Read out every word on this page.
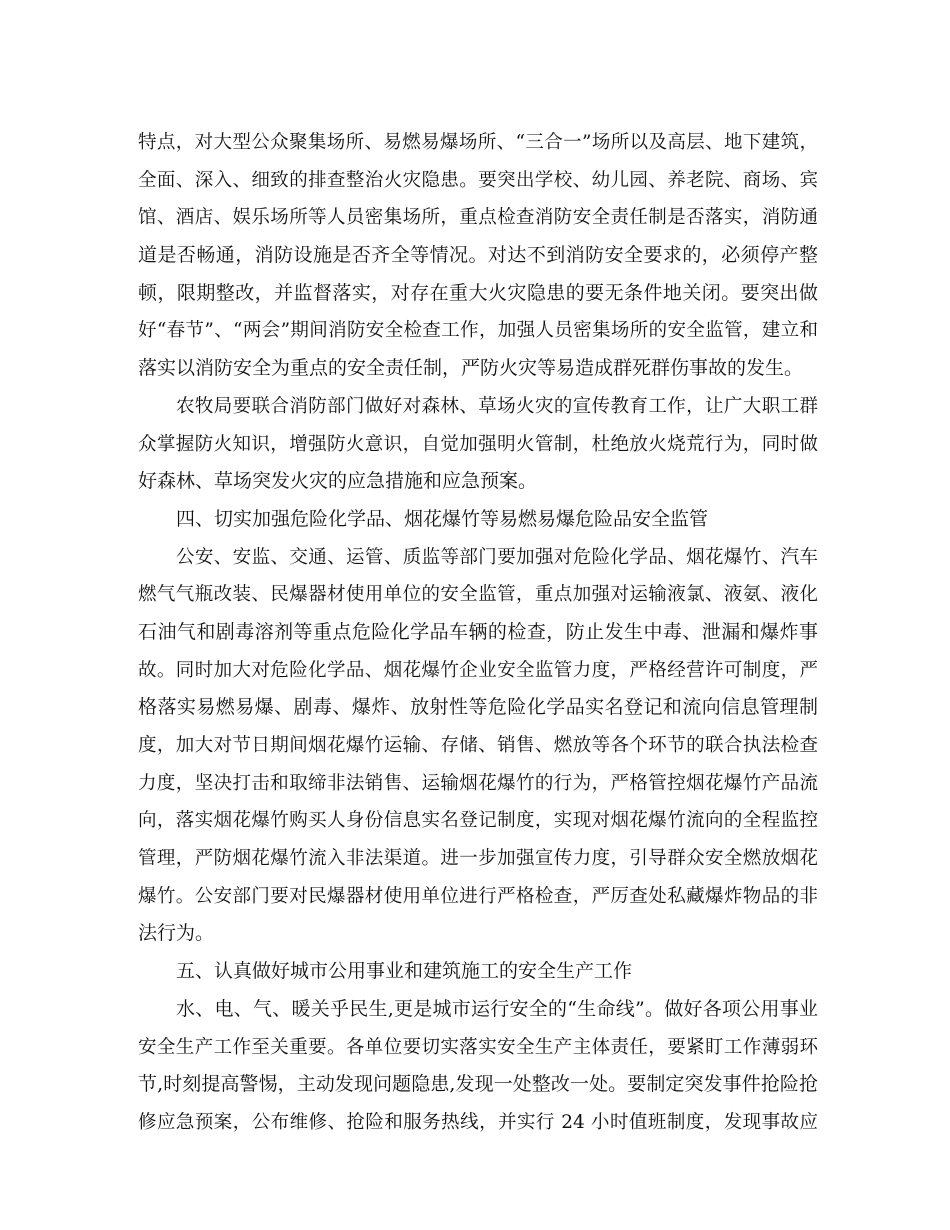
特点，对大型公众聚集场所、易燃易爆场所、“三合一”场所以及高层、地下建筑，
全面、深入、细致的排查整治火灾隐患。要突出学校、幼儿园、养老院、商场、宾
馆、酒店、娱乐场所等人员密集场所，重点检查消防安全责任制是否落实，消防通
道是否畅通，消防设施是否齐全等情况。对达不到消防安全要求的，必须停产整
顿，限期整改，并监督落实，对存在重大火灾隐患的要无条件地关闭。要突出做
好“春节”、“两会”期间消防安全检查工作，加强人员密集场所的安全监管，建立和
落实以消防安全为重点的安全责任制，严防火灾等易造成群死群伤事故的发生。
农牧局要联合消防部门做好对森林、草场火灾的宣传教育工作，让广大职工群
众掌握防火知识，增强防火意识，自觉加强明火管制，杜绝放火烧荒行为，同时做
好森林、草场突发火灾的应急措施和应急预案。
四、切实加强危险化学品、烟花爆竹等易燃易爆危险品安全监管
公安、安监、交通、运管、质监等部门要加强对危险化学品、烟花爆竹、汽车
燃气气瓶改装、民爆器材使用单位的安全监管，重点加强对运输液氯、液氨、液化
石油气和剧毒溶剂等重点危险化学品车辆的检查，防止发生中毒、泄漏和爆炸事
故。同时加大对危险化学品、烟花爆竹企业安全监管力度，严格经营许可制度，严
格落实易燃易爆、剧毒、爆炸、放射性等危险化学品实名登记和流向信息管理制
度，加大对节日期间烟花爆竹运输、存储、销售、燃放等各个环节的联合执法检查
力度，坚决打击和取缔非法销售、运输烟花爆竹的行为，严格管控烟花爆竹产品流
向，落实烟花爆竹购买人身份信息实名登记制度，实现对烟花爆竹流向的全程监控
管理，严防烟花爆竹流入非法渠道。进一步加强宣传力度，引导群众安全燃放烟花
爆竹。公安部门要对民爆器材使用单位进行严格检查，严厉查处私藏爆炸物品的非
法行为。
五、认真做好城市公用事业和建筑施工的安全生产工作
水、电、气、暖关乎民生,更是城市运行安全的“生命线”。做好各项公用事业
安全生产工作至关重要。各单位要切实落实安全生产主体责任，要紧盯工作薄弱环
节,时刻提高警惕，主动发现问题隐患,发现一处整改一处。要制定突发事件抢险抢
修应急预案，公布维修、抢险和服务热线，并实行 24 小时值班制度，发现事故应
